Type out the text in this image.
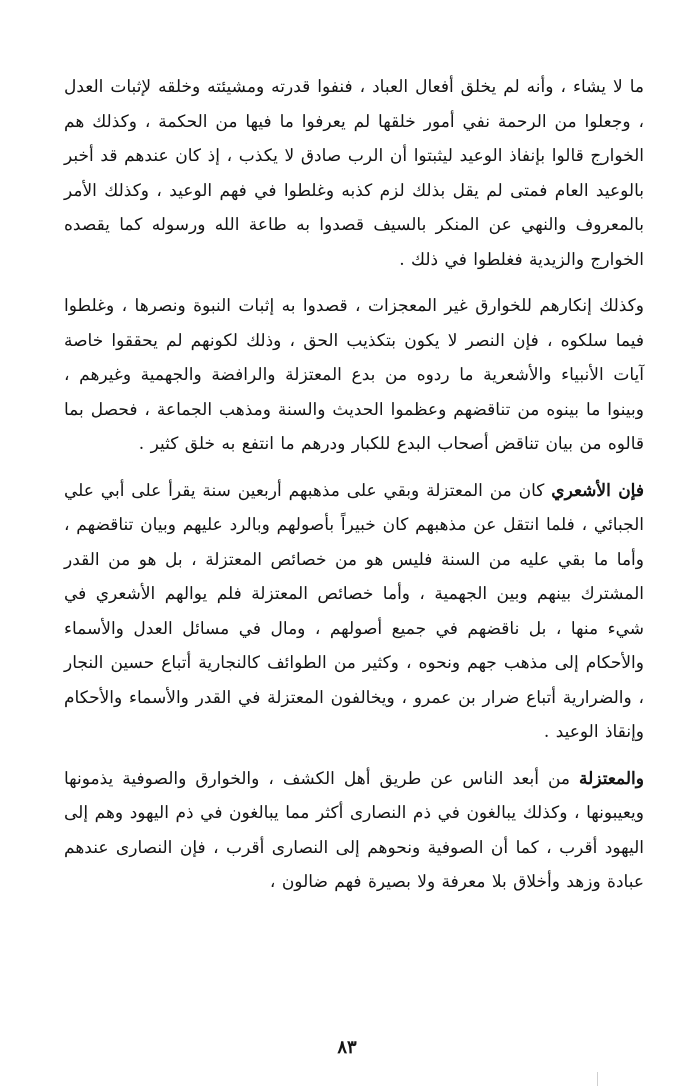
ما لا يشاء ، وأنه لم يخلق أفعال العباد ، فنفوا قدرته ومشيئته وخلقه لإثبات العدل ، وجعلوا من الرحمة نفي أمور خلقها لم يعرفوا ما فيها من الحكمة ، وكذلك هم الخوارج قالوا بإنفاذ الوعيد ليثبتوا أن الرب صادق لا يكذب ، إذ كان عندهم قد أخبر بالوعيد العام فمتى لم يقل بذلك لزم كذبه وغلطوا في فهم الوعيد ، وكذلك الأمر بالمعروف والنهي عن المنكر بالسيف قصدوا به طاعة الله ورسوله كما يقصده الخوارج والزيدية فغلطوا في ذلك .

وكذلك إنكارهم للخوارق غير المعجزات ، قصدوا به إثبات النبوة ونصرها ، وغلطوا فيما سلكوه ، فإن النصر لا يكون بتكذيب الحق ، وذلك لكونهم لم يحققوا خاصة آيات الأنبياء والأشعرية ما ردوه من بدع المعتزلة والرافضة والجهمية وغيرهم ، وبينوا ما بينوه من تناقضهم وعظموا الحديث والسنة ومذهب الجماعة ، فحصل بما قالوه من بيان تناقض أصحاب البدع للكبار ودرهم ما انتفع به خلق كثير .

فإن الأشعري كان من المعتزلة وبقي على مذهبهم أربعين سنة يقرأ على أبي علي الجبائي ، فلما انتقل عن مذهبهم كان خبيراً بأصولهم وبالرد عليهم وبيان تناقضهم ، وأما ما بقي عليه من السنة فليس هو من خصائص المعتزلة ، بل هو من القدر المشترك بينهم وبين الجهمية ، وأما خصائص المعتزلة فلم يوالهم الأشعري في شيء منها ، بل ناقضهم في جميع أصولهم ، ومال في مسائل العدل والأسماء والأحكام إلى مذهب جهم ونحوه ، وكثير من الطوائف كالنجارية أتباع حسين النجار ، والضرارية أتباع ضرار بن عمرو ، ويخالفون المعتزلة في القدر والأسماء والأحكام وإنقاذ الوعيد .

والمعتزلة من أبعد الناس عن طريق أهل الكشف ، والخوارق والصوفية يذمونها ويعيبونها ، وكذلك يبالغون في ذم النصارى أكثر مما يبالغون في ذم اليهود وهم إلى اليهود أقرب ، كما أن الصوفية ونحوهم إلى النصارى أقرب ، فإن النصارى عندهم عبادة وزهد وأخلاق بلا معرفة ولا بصيرة فهم ضالون ،

٨٣
